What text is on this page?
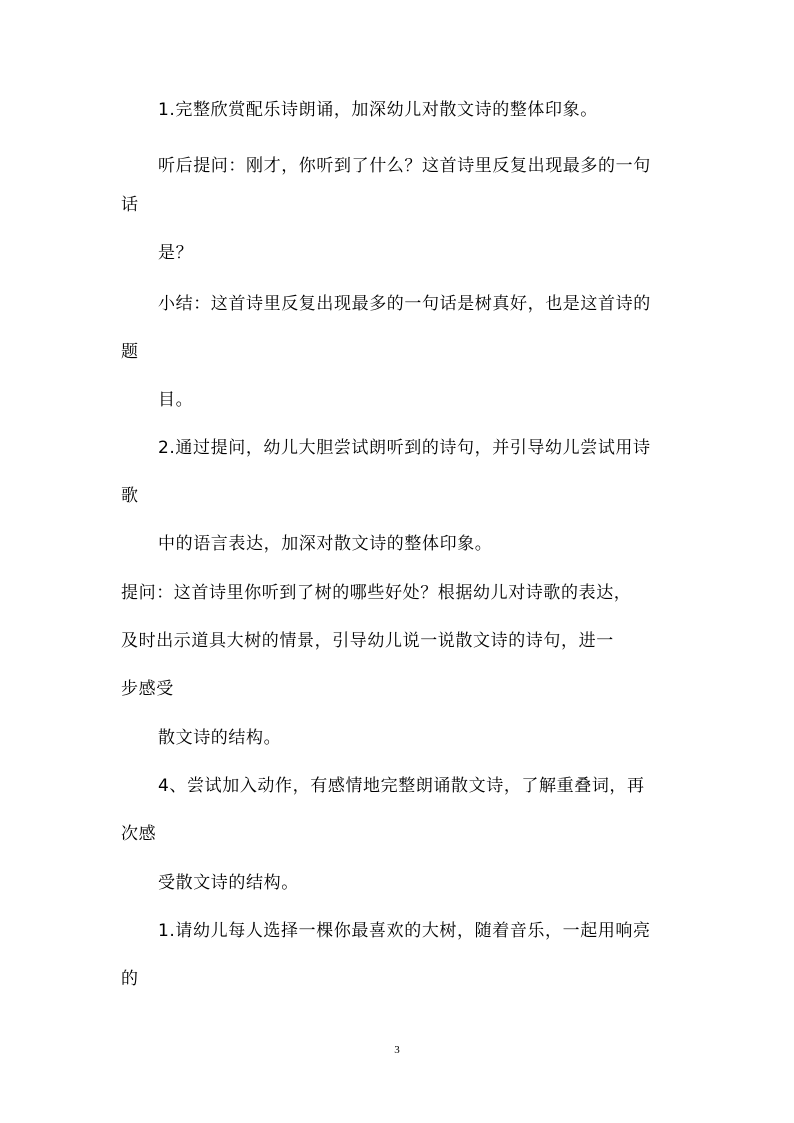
1.完整欣赏配乐诗朗诵，加深幼儿对散文诗的整体印象。
听后提问：刚才，你听到了什么？这首诗里反复出现最多的一句
话
是？
小结：这首诗里反复出现最多的一句话是树真好，也是这首诗的
题
目。
2.通过提问，幼儿大胆尝试朗听到的诗句，并引导幼儿尝试用诗
歌
中的语言表达，加深对散文诗的整体印象。
提问：这首诗里你听到了树的哪些好处？根据幼儿对诗歌的表达，
及时出示道具大树的情景，引导幼儿说一说散文诗的诗句，进一
步感受
散文诗的结构。
4、尝试加入动作，有感情地完整朗诵散文诗，了解重叠词，再
次感
受散文诗的结构。
1.请幼儿每人选择一棵你最喜欢的大树，随着音乐，一起用响亮
的
3
